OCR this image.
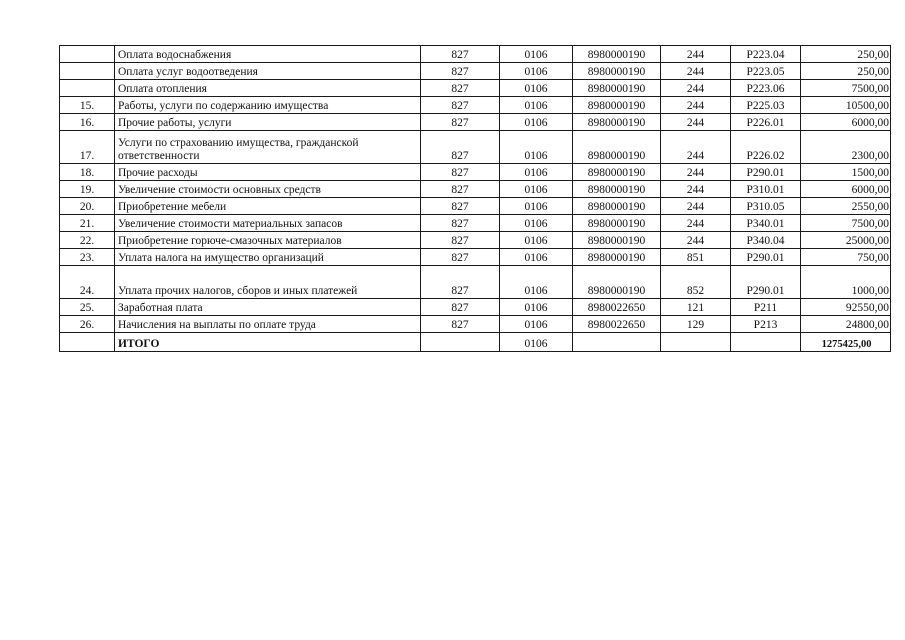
	Оплата водоснабжения	827	0106	8980000190	244	P223.04	250,00
	Оплата услуг водоотведения	827	0106	8980000190	244	P223.05	250,00
	Оплата отопления	827	0106	8980000190	244	P223.06	7500,00
15.	Работы, услуги по содержанию имущества	827	0106	8980000190	244	P225.03	10500,00
16.	Прочие работы, услуги	827	0106	8980000190	244	P226.01	6000,00
17.	Услуги по страхованию имущества, гражданской ответственности	827	0106	8980000190	244	P226.02	2300,00
18.	Прочие расходы	827	0106	8980000190	244	P290.01	1500,00
19.	Увеличение стоимости основных средств	827	0106	8980000190	244	P310.01	6000,00
20.	Приобретение мебели	827	0106	8980000190	244	P310.05	2550,00
21.	Увеличение стоимости материальных запасов	827	0106	8980000190	244	P340.01	7500,00
22.	Приобретение горюче-смазочных материалов	827	0106	8980000190	244	P340.04	25000,00
23.	Уплата налога на имущество организаций	827	0106	8980000190	851	P290.01	750,00
24.	Уплата прочих налогов, сборов и иных платежей	827	0106	8980000190	852	P290.01	1000,00
25.	Заработная плата	827	0106	8980022650	121	P211	92550,00
26.	Начисления на выплаты по оплате труда	827	0106	8980022650	129	P213	24800,00
	ИТОГО		0106				1275425,00
